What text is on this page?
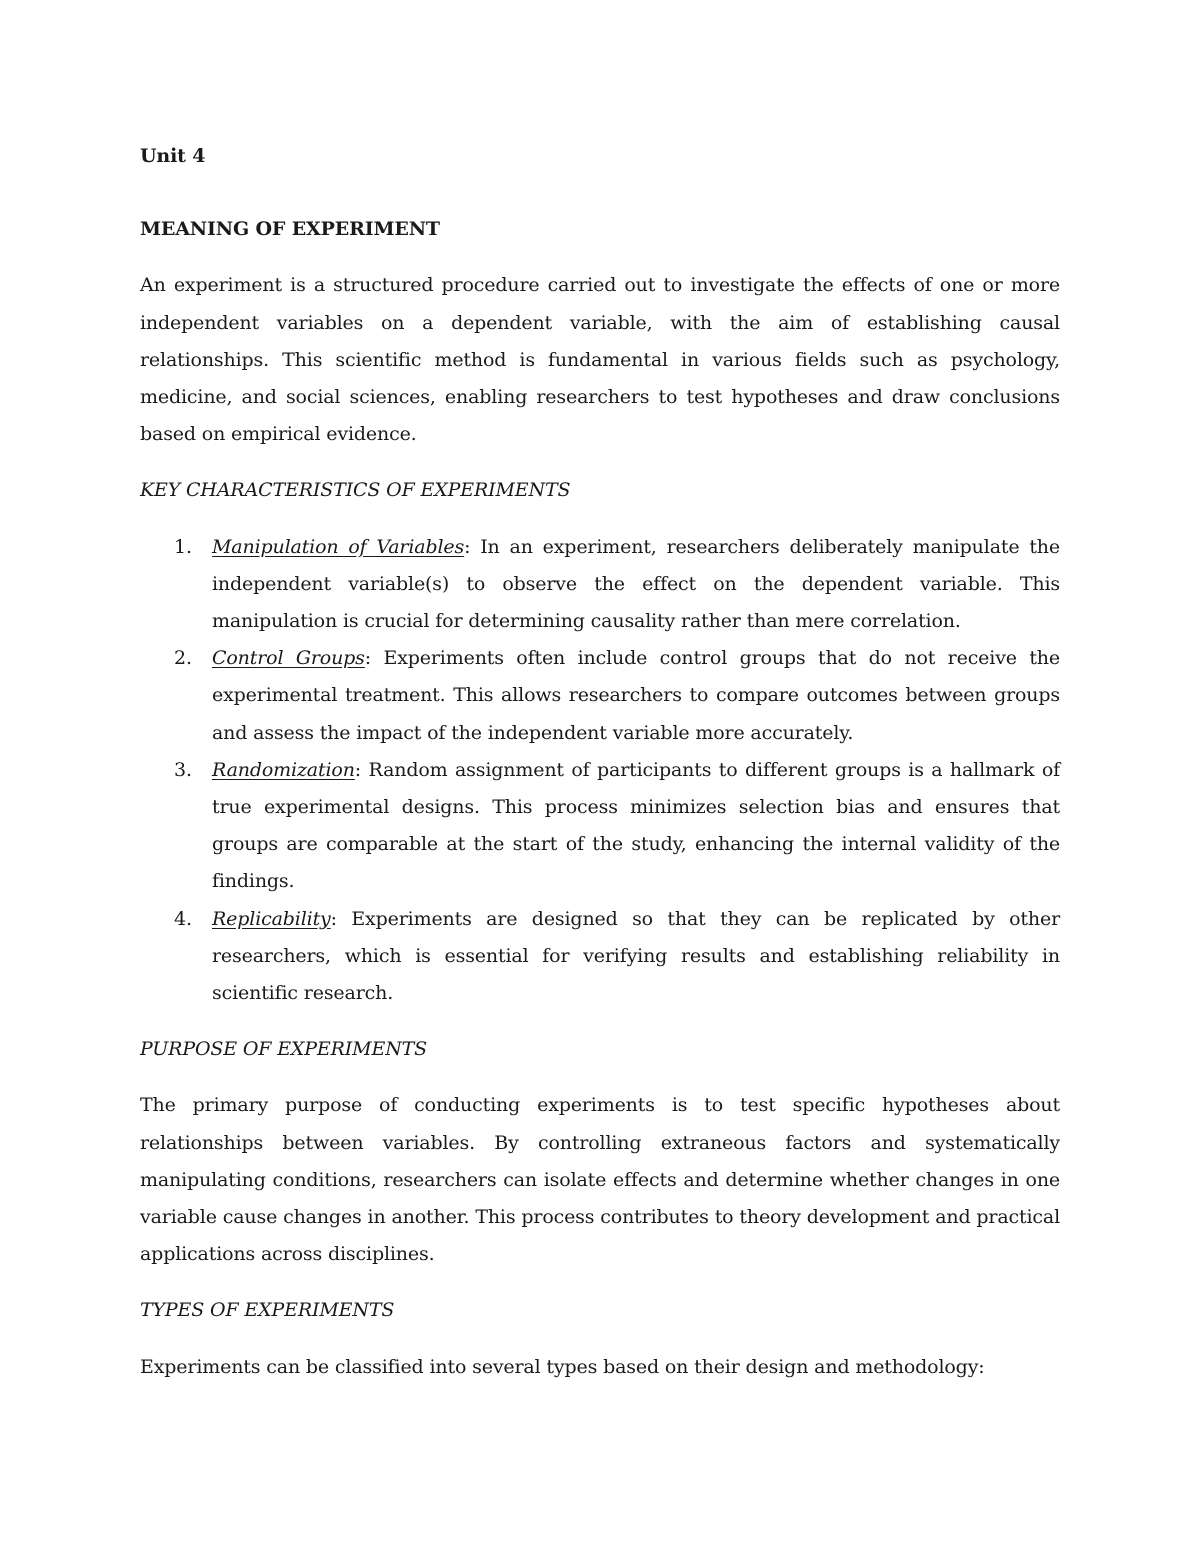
Unit 4
MEANING OF EXPERIMENT

An experiment is a structured procedure carried out to investigate the effects of one or more independent variables on a dependent variable, with the aim of establishing causal relationships. This scientific method is fundamental in various fields such as psychology, medicine, and social sciences, enabling researchers to test hypotheses and draw conclusions based on empirical evidence.

KEY CHARACTERISTICS OF EXPERIMENTS
1. Manipulation of Variables: In an experiment, researchers deliberately manipulate the independent variable(s) to observe the effect on the dependent variable. This manipulation is crucial for determining causality rather than mere correlation.
2. Control Groups: Experiments often include control groups that do not receive the experimental treatment. This allows researchers to compare outcomes between groups and assess the impact of the independent variable more accurately.
3. Randomization: Random assignment of participants to different groups is a hallmark of true experimental designs. This process minimizes selection bias and ensures that groups are comparable at the start of the study, enhancing the internal validity of the findings.
4. Replicability: Experiments are designed so that they can be replicated by other researchers, which is essential for verifying results and establishing reliability in scientific research.
PURPOSE OF EXPERIMENTS

The primary purpose of conducting experiments is to test specific hypotheses about relationships between variables. By controlling extraneous factors and systematically manipulating conditions, researchers can isolate effects and determine whether changes in one variable cause changes in another. This process contributes to theory development and practical applications across disciplines.

TYPES OF EXPERIMENTS

Experiments can be classified into several types based on their design and methodology:
